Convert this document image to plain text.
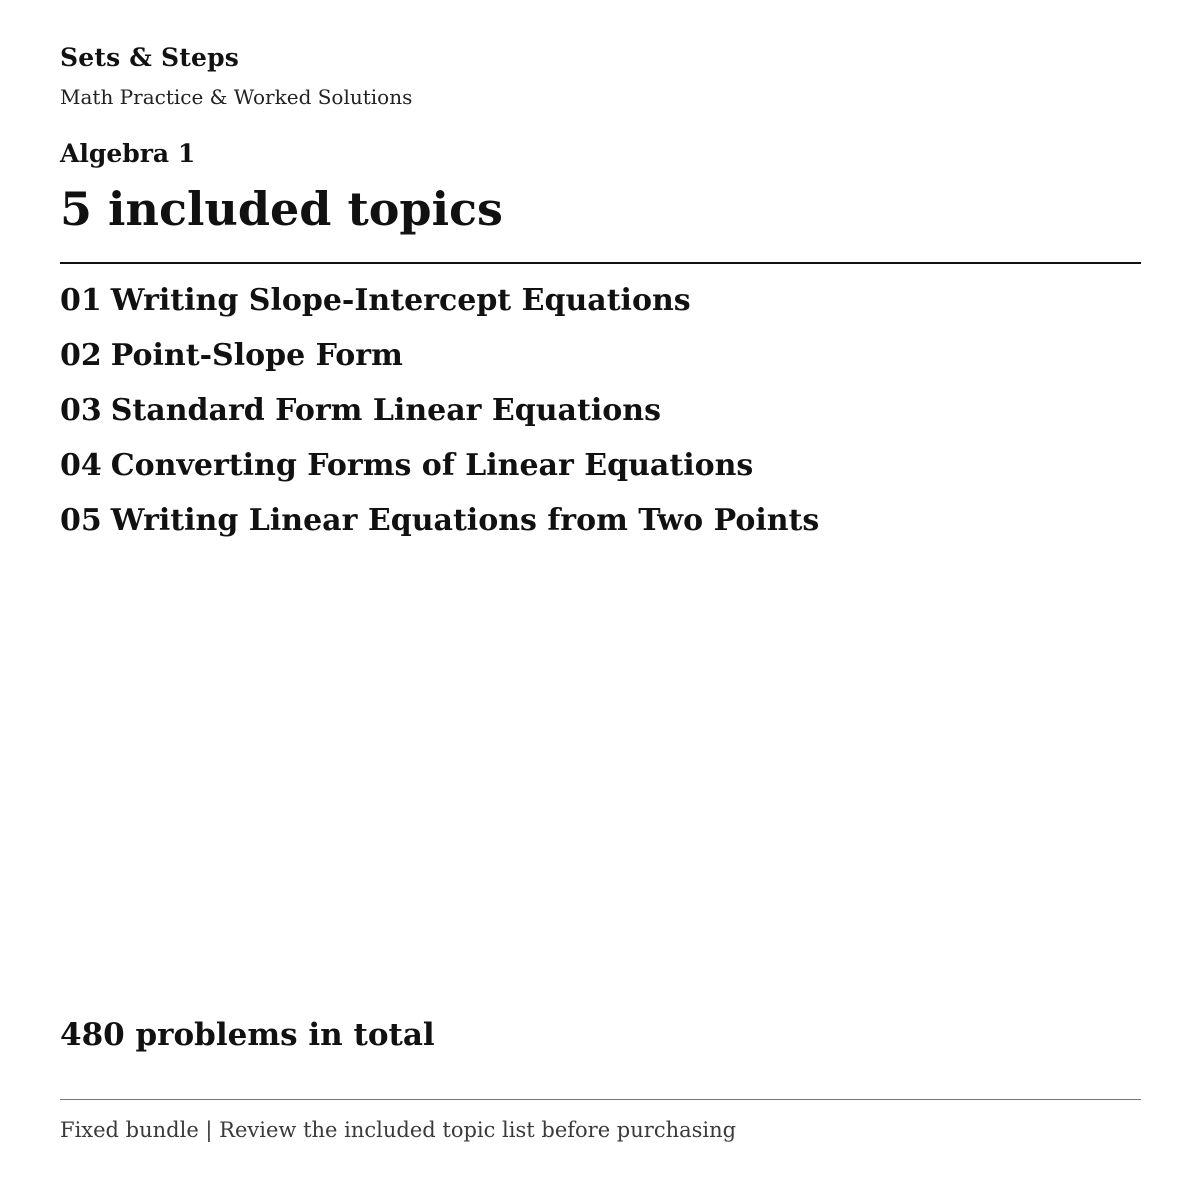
Sets & Steps
Math Practice & Worked Solutions
Algebra 1
5 included topics
01 Writing Slope-Intercept Equations
02 Point-Slope Form
03 Standard Form Linear Equations
04 Converting Forms of Linear Equations
05 Writing Linear Equations from Two Points
480 problems in total
Fixed bundle | Review the included topic list before purchasing
